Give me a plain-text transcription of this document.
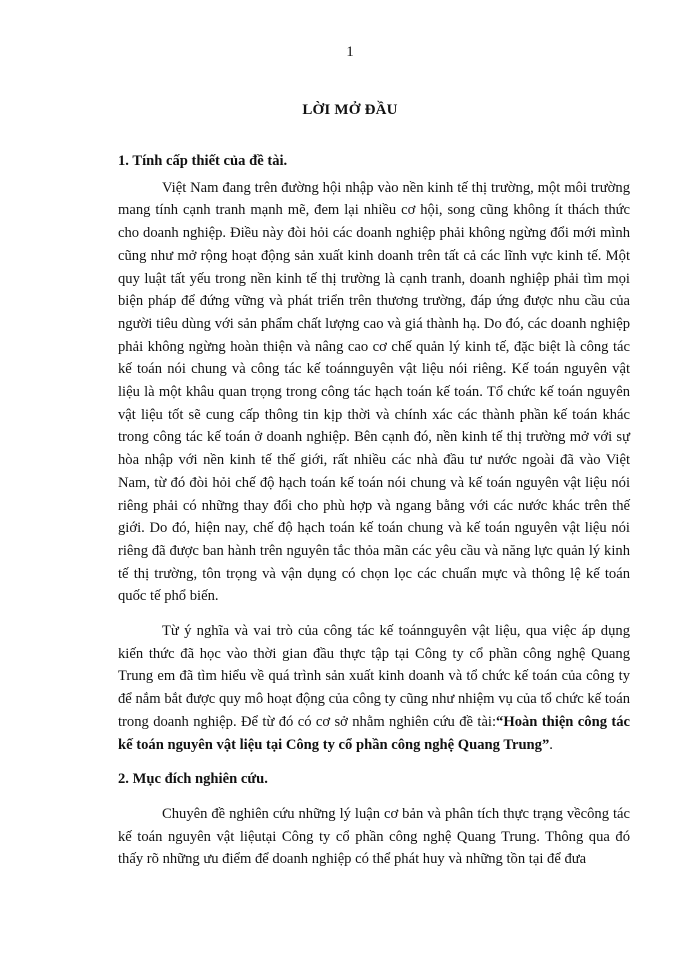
1
LỜI MỞ ĐẦU

1. Tính cấp thiết của đề tài.

Việt Nam đang trên đường hội nhập vào nền kinh tế thị trường, một môi trường mang tính cạnh tranh mạnh mẽ, đem lại nhiều cơ hội, song cũng không ít thách thức cho doanh nghiệp. Điều này đòi hỏi các doanh nghiệp phải không ngừng đổi mới mình cũng như mở rộng hoạt động sản xuất kinh doanh trên tất cả các lĩnh vực kinh tế. Một quy luật tất yếu trong nền kinh tế thị trường là cạnh tranh, doanh nghiệp phải tìm mọi biện pháp để đứng vững và phát triển trên thương trường, đáp ứng được nhu cầu của người tiêu dùng với sản phẩm chất lượng cao và giá thành hạ. Do đó, các doanh nghiệp phải không ngừng hoàn thiện và nâng cao cơ chế quản lý kinh tế, đặc biệt là công tác kế toán nói chung và công tác kế toánnguyên vật liệu nói riêng. Kế toán nguyên vật liệu là một khâu quan trọng trong công tác hạch toán kế toán. Tổ chức kế toán nguyên vật liệu tốt sẽ cung cấp thông tin kịp thời và chính xác các thành phần kế toán khác trong công tác kế toán ở doanh nghiệp. Bên cạnh đó, nền kinh tế thị trường mở với sự hòa nhập với nền kinh tế thế giới, rất nhiều các nhà đầu tư nước ngoài đã vào Việt Nam, từ đó đòi hỏi chế độ hạch toán kế toán nói chung và kế toán nguyên vật liệu nói riêng phải có những thay đổi cho phù hợp và ngang bằng với các nước khác trên thế giới. Do đó, hiện nay, chế độ hạch toán kế toán chung và kế toán nguyên vật liệu nói riêng đã được ban hành trên nguyên tắc thỏa mãn các yêu cầu và năng lực quản lý kinh tế thị trường, tôn trọng và vận dụng có chọn lọc các chuẩn mực và thông lệ kế toán quốc tế phổ biến.

Từ ý nghĩa và vai trò của công tác kế toánnguyên vật liệu, qua việc áp dụng kiến thức đã học vào thời gian đầu thực tập tại Công ty cổ phần công nghệ Quang Trung em đã tìm hiểu về quá trình sản xuất kinh doanh và tổ chức kế toán của công ty để nắm bắt được quy mô hoạt động của công ty cũng như nhiệm vụ của tổ chức kế toán trong doanh nghiệp. Để từ đó có cơ sở nhằm nghiên cứu đề tài:“Hoàn thiện công tác kế toán nguyên vật liệu tại Công ty cổ phần công nghệ Quang Trung”.

2. Mục đích nghiên cứu.

Chuyên đề nghiên cứu những lý luận cơ bản và phân tích thực trạng vềcông tác kế toán nguyên vật liệutại Công ty cổ phần công nghệ Quang Trung. Thông qua đó thấy rõ những ưu điểm để doanh nghiệp có thể phát huy và những tồn tại để đưa
